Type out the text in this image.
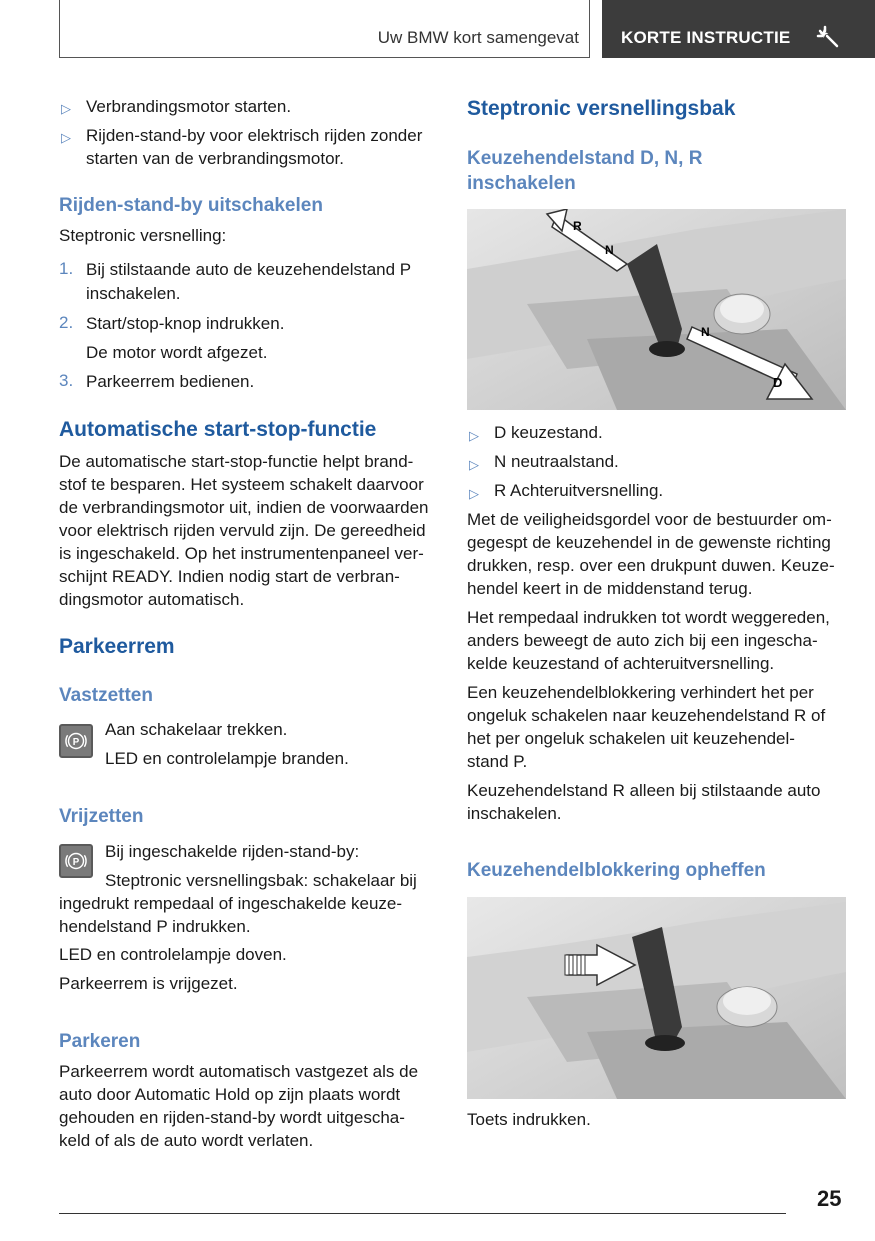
Uw BMW kort samengevat KORTE INSTRUCTIE
▷ Verbrandingsmotor starten.
▷ Rijden-stand-by voor elektrisch rijden zonder
starten van de verbrandingsmotor.
Rijden-stand-by uitschakelen
Steptronic versnelling:
1. Bij stilstaande auto de keuzehendelstand P
inschakelen.
2. Start/stop-knop indrukken.
De motor wordt afgezet.
3. Parkeerrem bedienen.
Automatische start-stop-functie
De automatische start-stop-functie helpt brand-
stof te besparen. Het systeem schakelt daarvoor
de verbrandingsmotor uit, indien de voorwaarden
voor elektrisch rijden vervuld zijn. De gereedheid
is ingeschakeld. Op het instrumentenpaneel ver-
schijnt READY. Indien nodig start de verbran-
dingsmotor automatisch.
Parkeerrem
Vastzetten
P
Aan schakelaar trekken.
LED en controlelampje branden.
Vrijzetten
P
Bij ingeschakelde rijden-stand-by:
Steptronic versnellingsbak: schakelaar bij
ingedrukt rempedaal of ingeschakelde keuze-
hendelstand P indrukken.
LED en controlelampje doven.
Parkeerrem is vrijgezet.
Parkeren
Parkeerrem wordt automatisch vastgezet als de
auto door Automatic Hold op zijn plaats wordt
gehouden en rijden-stand-by wordt uitgescha-
keld of als de auto wordt verlaten.
Steptronic versnellingsbak
Keuzehendelstand D, N, R
inschakelen
R
N
N
D
▷ D keuzestand.
▷ N neutraalstand.
▷ R Achteruitversnelling.
Met de veiligheidsgordel voor de bestuurder om-
gegespt de keuzehendel in de gewenste richting
drukken, resp. over een drukpunt duwen. Keuze-
hendel keert in de middenstand terug.
Het rempedaal indrukken tot wordt weggereden,
anders beweegt de auto zich bij een ingescha-
kelde keuzestand of achteruitversnelling.
Een keuzehendelblokkering verhindert het per
ongeluk schakelen naar keuzehendelstand R of
het per ongeluk schakelen uit keuzehendel-
stand P.
Keuzehendelstand R alleen bij stilstaande auto
inschakelen.
Keuzehendelblokkering opheffen
Toets indrukken.
25
